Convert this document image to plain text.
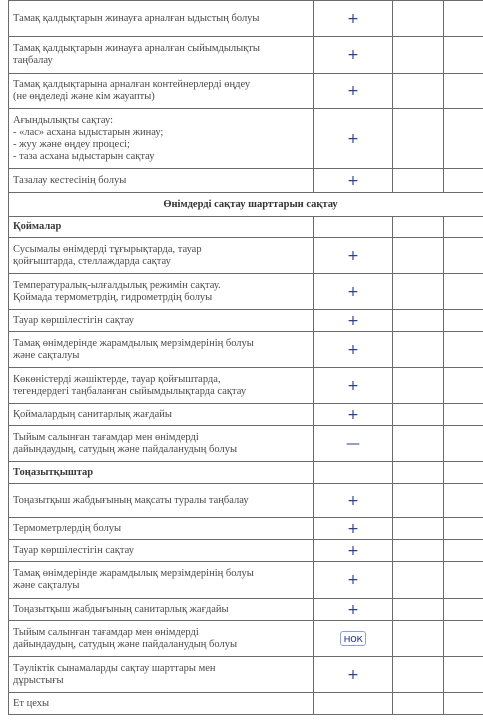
Тамақ қалдықтарын жинауға арналған ыдыстың болуы	+		

Тамақ қалдықтарын жинауға арналған сыйымдылықты
таңбалау	+		

Тамақ қалдықтарына арналған контейнерлерді өңдеу
(не өңделеді және кім жауапты)	+		

Ағындылықты сақтау:
- «лас» асхана ыдыстарын жинау;
- жуу және өңдеу процесі;
- таза асхана ыдыстарын сақтау	+		

Тазалау кестесінің болуы	+		

Өнімдерді сақтау шарттарын сақтау			

Қоймалар			

Сусымалы өнімдерді тұғырықтарда, тауар
қойғыштарда, стеллаждарда сақтау	+		

Температуралық-ылғалдылық режимін сақтау.
Қоймада термометрдің, гидрометрдің болуы	+		

Тауар көршілестігін сақтау	+		

Тамақ өнімдерінде жарамдылық мерзімдерінің болуы
және сақталуы	+		

Көкөністерді жәшіктерде, тауар қойғыштарда,
тегендердегі таңбаланған сыйымдылықтарда сақтау	+		

Қоймалардың санитарлық жағдайы	+		

Тыйым салынған тағамдар мен өнімдерді
дайындаудың, сатудың және пайдаланудың болуы	—		

Тоңазытқыштар			

Тоңазытқыш жабдығының мақсаты туралы таңбалау	+		

Термометрлердің болуы	+		

Тауар көршілестігін сақтау	+		

Тамақ өнімдерінде жарамдылық мерзімдерінің болуы
және сақталуы	+		

Тоңазытқыш жабдығының санитарлық жағдайы	+		

Тыйым салынған тағамдар мен өнімдерді
дайындаудың, сатудың және пайдаланудың болуы	нок		

Тәуліктік сынамаларды сақтау шарттары мен
дұрыстығы	+		

Ет цехы			
